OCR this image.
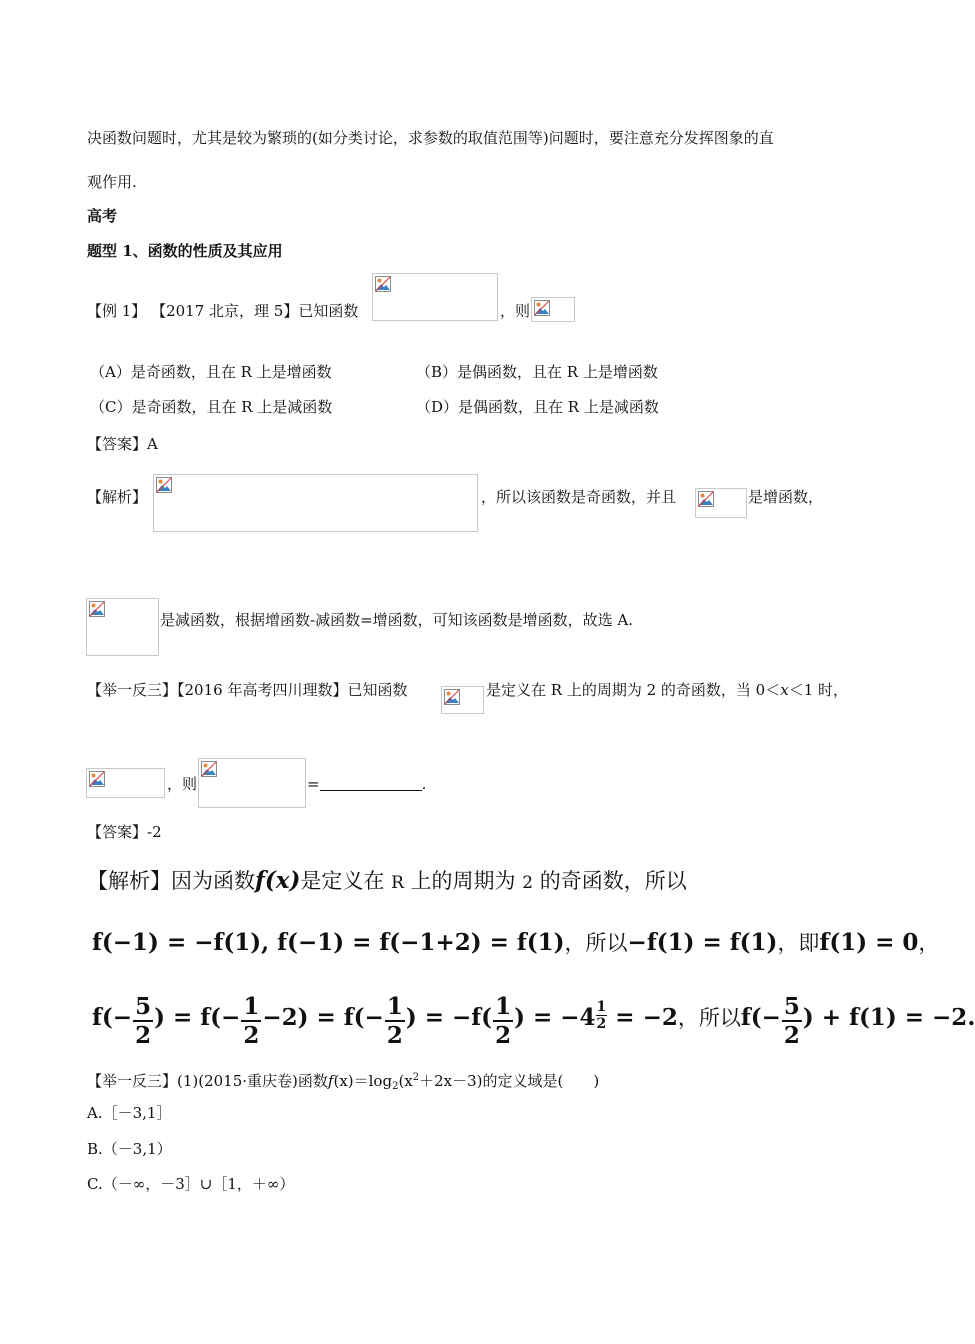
决函数问题时，尤其是较为繁琐的(如分类讨论，求参数的取值范围等)问题时，要注意充分发挥图象的直
观作用.
高考
题型 1、函数的性质及其应用
【例 1】 【2017 北京，理 5】已知函数	，则
（A）是奇函数，且在 R 上是增函数	（B）是偶函数，且在 R 上是增函数
（C）是奇函数，且在 R 上是减函数	（D）是偶函数，且在 R 上是减函数
【答案】A
【解析】	，所以该函数是奇函数，并且	是增函数，
是减函数，根据增函数-减函数=增函数，可知该函数是增函数，故选 A.
【举一反三】【2016 年高考四川理数】已知函数	是定义在 R 上的周期为 2 的奇函数，当 0＜x＜1 时，
，则	=	.
【答案】-2
【解析】因为函数f(x)是定义在 R 上的周期为 2 的奇函数，所以
f(−1) = −f(1), f(−1) = f(−1+2) = f(1)，所以−f(1) = f(1)，即f(1) = 0，
$f(- \frac{5}{2}$ ) = $f(- \frac{1}{2} -2) = f(- \frac{1}{2}$ ) = $-f( \frac{1}{2}$ ) = $-4 \frac{1}{2} = -2$，所以$f(- \frac{5}{2}$ ) + f(1) = −2.
【举一反三】(1)(2015·重庆卷)函数$f(x)=\log_2(x^2+2x-3)$的定义域是(　　)
A.［－3,1］
B.（－3,1）
C.（－∞，－3］∪［1，＋∞）
